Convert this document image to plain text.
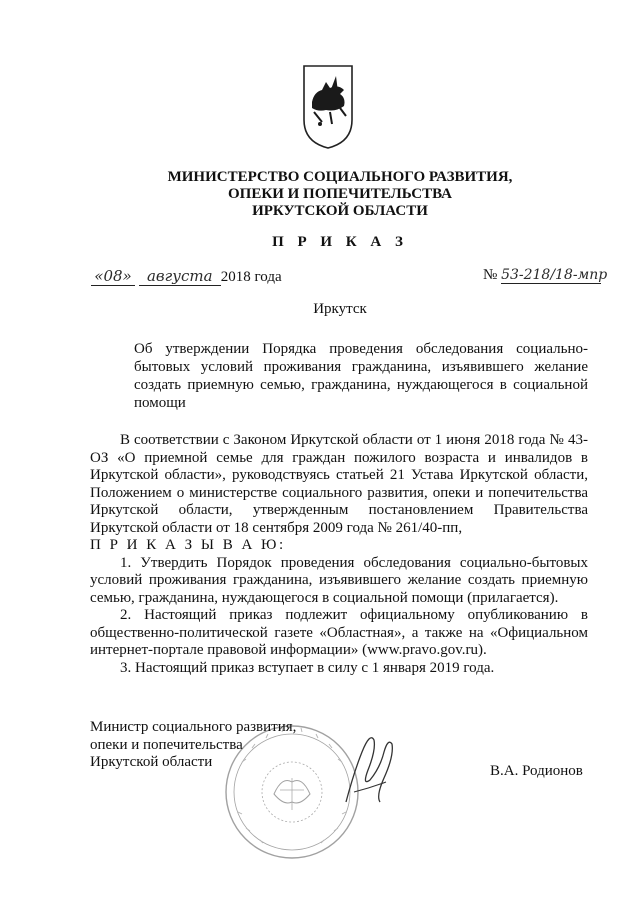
МИНИСТЕРСТВО СОЦИАЛЬНОГО РАЗВИТИЯ,
ОПЕКИ И ПОПЕЧИТЕЛЬСТВА
ИРКУТСКОЙ ОБЛАСТИ
П Р И К А З
«08» августа 2018 года	№ 53-218/18-мпр
Иркутск
Об утверждении Порядка проведения обследования социально-бытовых условий проживания гражданина, изъявившего желание создать приемную семью, гражданина, нуждающегося в социальной помощи

В соответствии с Законом Иркутской области от 1 июня 2018 года № 43-ОЗ «О приемной семье для граждан пожилого возраста и инвалидов в Иркутской области», руководствуясь статьей 21 Устава Иркутской области, Положением о министерстве социального развития, опеки и попечительства Иркутской области, утвержденным постановлением Правительства Иркутской области от 18 сентября 2009 года № 261/40-пп,

П Р И К А З Ы В А Ю:

1. Утвердить Порядок проведения обследования социально-бытовых условий проживания гражданина, изъявившего желание создать приемную семью, гражданина, нуждающегося в социальной помощи (прилагается).

2. Настоящий приказ подлежит официальному опубликованию в общественно-политической газете «Областная», а также на «Официальном интернет-портале правовой информации» (www.pravo.gov.ru).

3. Настоящий приказ вступает в силу с 1 января 2019 года.

Министр социального развития,
опеки и попечительства
Иркутской области
В.А. Родионов
